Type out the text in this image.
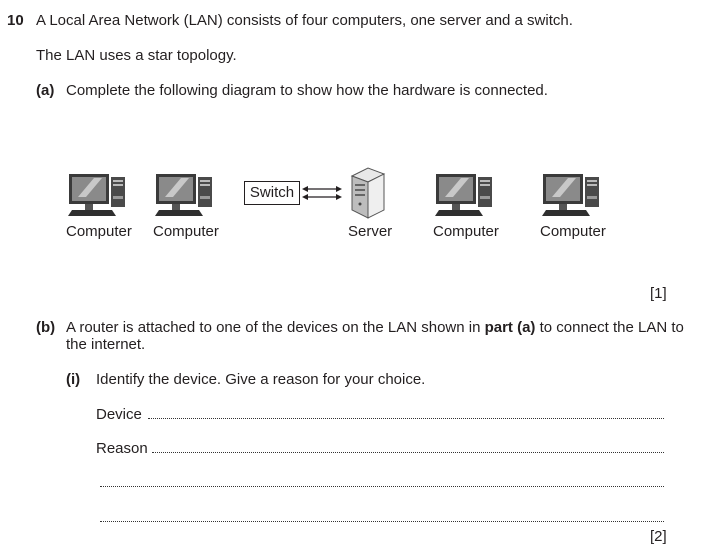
10 A Local Area Network (LAN) consists of four computers, one server and a switch.
The LAN uses a star topology.
(a) Complete the following diagram to show how the hardware is connected.
Switch
Computer Computer	Server	Computer	Computer
[1]
(b) A router is attached to one of the devices on the LAN shown in part (a) to connect the LAN to
the internet.
(i) Identify the device. Give a reason for your choice.
Device
Reason
[2]
